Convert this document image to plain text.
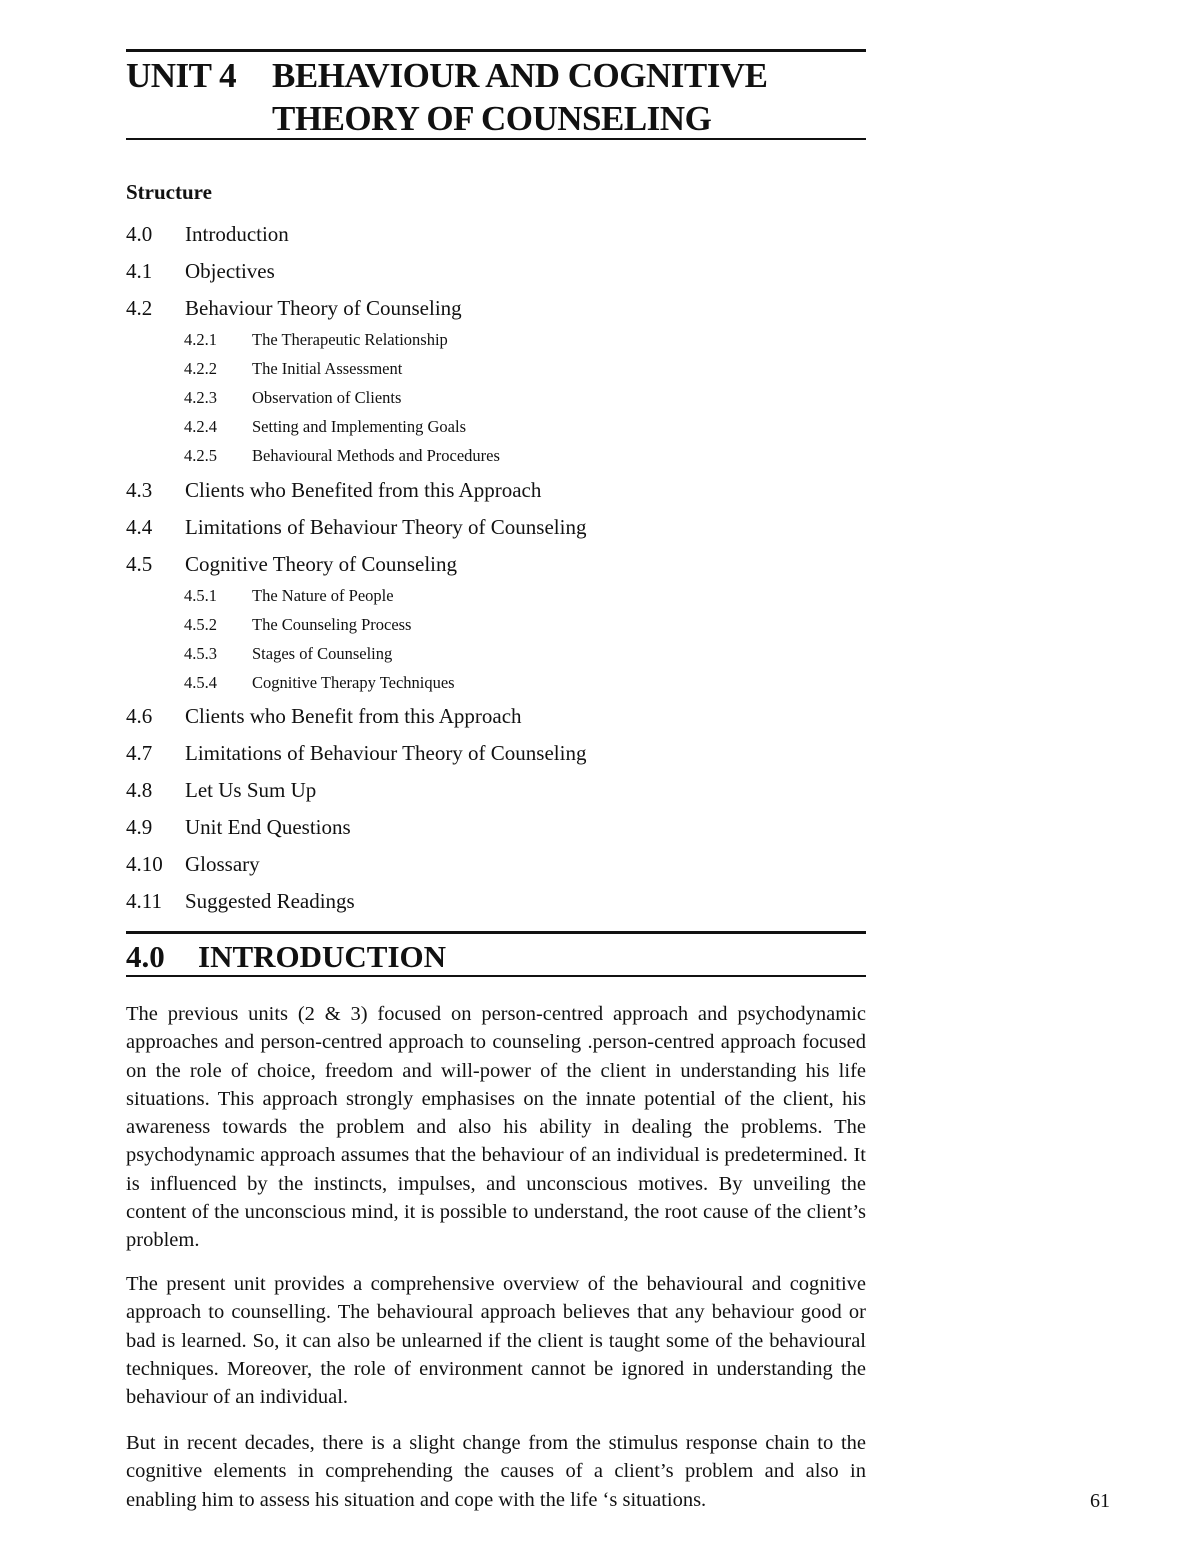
UNIT 4 BEHAVIOUR AND COGNITIVE
THEORY OF COUNSELING
Structure
4.0 Introduction
4.1 Objectives
4.2 Behaviour Theory of Counseling
4.2.1 The Therapeutic Relationship
4.2.2 The Initial Assessment
4.2.3 Observation of Clients
4.2.4 Setting and Implementing Goals
4.2.5 Behavioural Methods and Procedures
4.3 Clients who Benefited from this Approach
4.4 Limitations of Behaviour Theory of Counseling
4.5 Cognitive Theory of Counseling
4.5.1 The Nature of People
4.5.2 The Counseling Process
4.5.3 Stages of Counseling
4.5.4 Cognitive Therapy Techniques
4.6 Clients who Benefit from this Approach
4.7 Limitations of Behaviour Theory of Counseling
4.8 Let Us Sum Up
4.9 Unit End Questions
4.10 Glossary
4.11 Suggested Readings
4.0 INTRODUCTION

The previous units (2 & 3) focused on person-centred approach and psychodynamic approaches and person-centred approach to counseling .person-centred approach focused on the role of choice, freedom and will-power of the client in understanding his life situations. This approach strongly emphasises on the innate potential of the client, his awareness towards the problem and also his ability in dealing the problems. The psychodynamic approach assumes that the behaviour of an individual is predetermined. It is influenced by the instincts, impulses, and unconscious motives. By unveiling the content of the unconscious mind, it is possible to understand, the root cause of the client’s problem.

The present unit provides a comprehensive overview of the behavioural and cognitive approach to counselling. The behavioural approach believes that any behaviour good or bad is learned. So, it can also be unlearned if the client is taught some of the behavioural techniques. Moreover, the role of environment cannot be ignored in understanding the behaviour of an individual.

But in recent decades, there is a slight change from the stimulus response chain to the cognitive elements in comprehending the causes of a client’s problem and also in enabling him to assess his situation and cope with the life ‘s situations.	61
